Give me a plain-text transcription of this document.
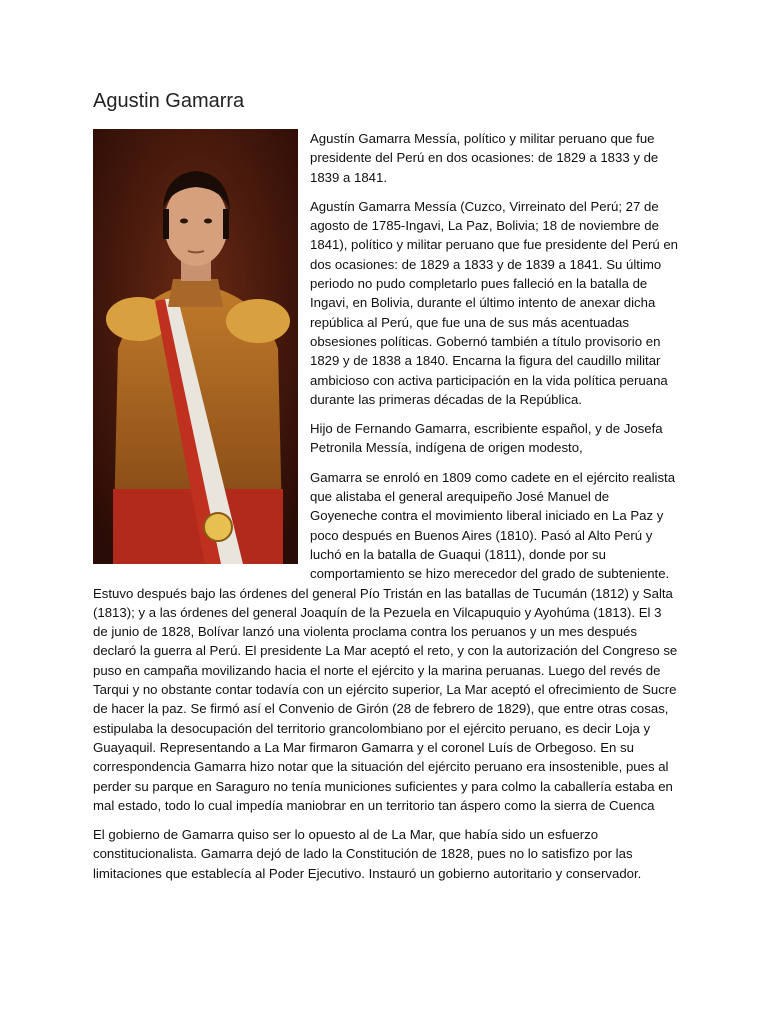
Agustin Gamarra

Agustín Gamarra Messía, político y militar peruano que fue presidente del Perú en dos ocasiones: de 1829 a 1833 y de 1839 a 1841.

Agustín Gamarra Messía (Cuzco, Virreinato del Perú; 27 de agosto de 1785-Ingavi, La Paz, Bolivia; 18 de noviembre de 1841), político y militar peruano que fue presidente del Perú en dos ocasiones: de 1829 a 1833 y de 1839 a 1841. Su último periodo no pudo completarlo pues falleció en la batalla de Ingavi, en Bolivia, durante el último intento de anexar dicha república al Perú, que fue una de sus más acentuadas obsesiones políticas. Gobernó también a título provisorio en 1829 y de 1838 a 1840. Encarna la figura del caudillo militar ambicioso con activa participación en la vida política peruana durante las primeras décadas de la República.

Hijo de Fernando Gamarra, escribiente español, y de Josefa Petronila Messía, indígena de origen modesto,

Gamarra se enroló en 1809 como cadete en el ejército realista que alistaba el general arequipeño José Manuel de Goyeneche contra el movimiento liberal iniciado en La Paz y poco después en Buenos Aires (1810). Pasó al Alto Perú y luchó en la batalla de Guaqui (1811), donde por su comportamiento se hizo merecedor del grado de subteniente. Estuvo después bajo las órdenes del general Pío Tristán en las batallas de Tucumán (1812) y Salta (1813); y a las órdenes del general Joaquín de la Pezuela en Vilcapuquio y Ayohúma (1813). El 3 de junio de 1828, Bolívar lanzó una violenta proclama contra los peruanos y un mes después declaró la guerra al Perú. El presidente La Mar aceptó el reto, y con la autorización del Congreso se puso en campaña movilizando hacia el norte el ejército y la marina peruanas. Luego del revés de Tarqui y no obstante contar todavía con un ejército superior, La Mar aceptó el ofrecimiento de Sucre de hacer la paz. Se firmó así el Convenio de Girón (28 de febrero de 1829), que entre otras cosas, estipulaba la desocupación del territorio grancolombiano por el ejército peruano, es decir Loja y Guayaquil. Representando a La Mar firmaron Gamarra y el coronel Luís de Orbegoso. En su correspondencia Gamarra hizo notar que la situación del ejército peruano era insostenible, pues al perder su parque en Saraguro no tenía municiones suficientes y para colmo la caballería estaba en mal estado, todo lo cual impedía maniobrar en un territorio tan áspero como la sierra de Cuenca

El gobierno de Gamarra quiso ser lo opuesto al de La Mar, que había sido un esfuerzo constitucionalista. Gamarra dejó de lado la Constitución de 1828, pues no lo satisfizo por las limitaciones que establecía al Poder Ejecutivo. Instauró un gobierno autoritario y conservador.
